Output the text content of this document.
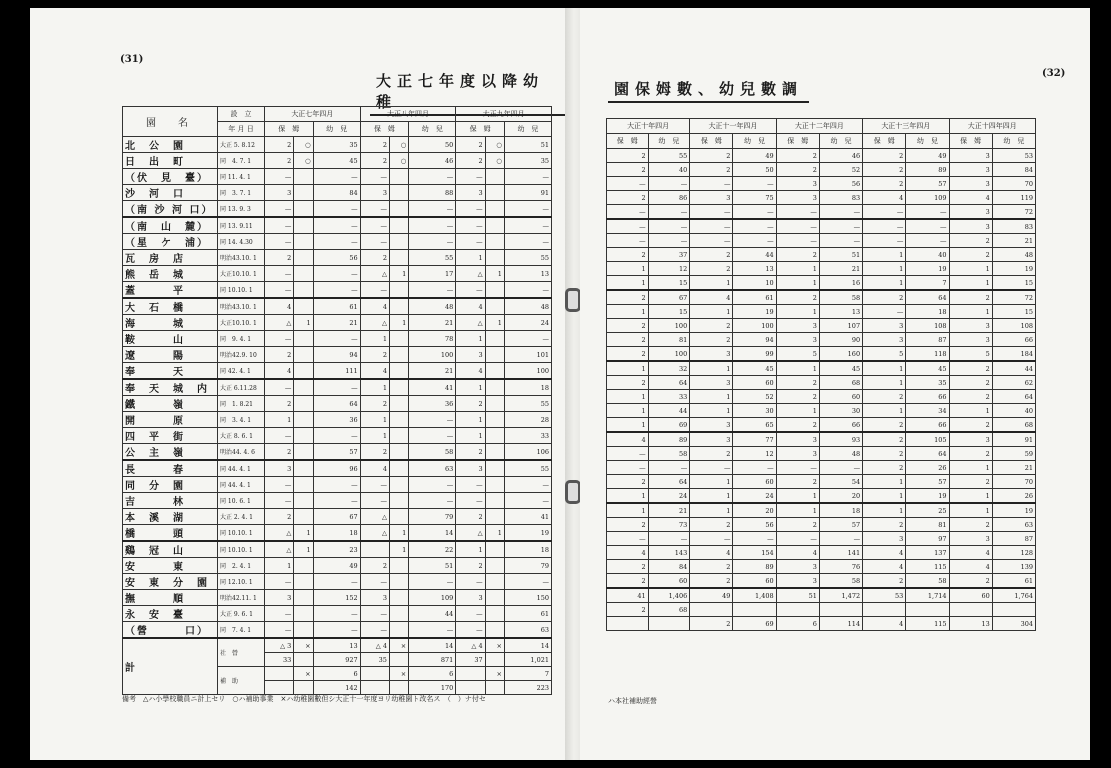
(31)
大正七年度以降幼稚
園　名	設　立	大正七年四月			大正八年四月			大正九年四月		
	年 月 日	保　姆		幼　兒	保　姆		幼　兒	保　姆		幼　兒
北　公　園	大正 5. 8.12	2	○	35	2	○	50	2	○	51
日　出　町	同　4. 7. 1	2	○	45	2	○	46	2	○	35
（伏　見　臺）	同 11. 4. 1	—		—	—		—	—		—
沙　河　口	同　3. 7. 1	3		84	3		88	3		91
（南 沙 河 口）	同 13. 9. 3	—		—	—		—	—		—
（南　山　麓）	同 13. 9.11	—		—	—		—	—		—
（星　ケ　浦）	同 14. 4.30	—		—	—		—	—		—
瓦　房　店	明治43.10. 1	2		56	2		55	1		55
熊　岳　城	大正10.10. 1	—		—	△	1	17	△	1	13
蓋　　　平	同 10.10. 1	—		—	—		—	—		—
大　石　橋	明治43.10. 1	4		61	4		48	4		48
海　　　城	大正10.10. 1	△	1	21	△	1	21	△	1	24
鞍　　　山	同　9. 4. 1	—		—	1		78	1		—
遼　　　陽	明治42.9. 10	2		94	2		100	3		101
奉　　　天	同 42. 4. 1	4		111	4		21	4		100
奉　天　城　内	大正 6.11.28	—		—	1		41	1		18
鐵　　　嶺	同　1. 8.21	2		64	2		36	2		55
開　　　原	同　3. 4. 1	1		36	1		—	1		28
四　平　街	大正 8. 6. 1	—		—	1		—	1		33
公　主　嶺	明治44. 4. 6	2		57	2		58	2		106
長　　　春	同 44. 4. 1	3		96	4		63	3		55
同　分　園	同 44. 4. 1	—		—	—		—	—		—
吉　　　林	同 10. 6. 1	—		—	—		—	—		—
本　溪　湖	大正 2. 4. 1	2		67	△		79	2		41
橋　　　頭	同 10.10. 1	△	1	18	△	1	14	△	1	19
鷄　冠　山	同 10.10. 1	△	1	23		1	22	1		18
安　　　東	同　2. 4. 1	1		49	2		51	2		79
安　東　分　園	同 12.10. 1	—		—	—		—	—		—
撫　　　順	明治42.11. 1	3		152	3		109	3		150
永　安　臺	大正 9. 6. 1	—		—	—		44	—		61
（營　　　口）	同　7. 4. 1	—		—	—		—	—		63
計	社　營	△ 3	×	13	△ 4	×	14	△ 4	×	14
		33		927	35		871	37		1,021
	補　助		×	6		×	6		×	7
				142			170			223
備考　△ハ小學校職員ニ計上セリ　○ハ補助事業　×ハ幼稚園數但シ大正十一年度ヨリ幼稚園ト改名ス　（　）ナ付セ
(32)
園保姆數、幼兒數調
大正十年四月		大正十一年四月		大正十二年四月		大正十三年四月		大正十四年四月	
保　姆	幼　兒	保　姆	幼　兒	保　姆	幼　兒	保　姆	幼　兒	保　姆	幼　兒
2	55	2	49	2	46	2	49	3	53
2	40	2	50	2	52	2	89	3	84
—	—	—	—	3	56	2	57	3	70
2	86	3	75	3	83	4	109	4	119
—	—	—	—	—	—	—	—	3	72
—	—	—	—	—	—	—	—	3	83
—	—	—	—	—	—	—	—	2	21
2	37	2	44	2	51	1	40	2	48
1	12	2	13	1	21	1	19	1	19
1	15	1	10	1	16	1	7	1	15
2	67	4	61	2	58	2	64	2	72
1	15	1	19	1	13	—	18	1	15
2	100	2	100	3	107	3	108	3	108
2	81	2	94	3	90	3	87	3	66
2	100	3	99	5	160	5	118	5	184
1	32	1	45	1	45	1	45	2	44
2	64	3	60	2	68	1	35	2	62
1	33	1	52	2	60	2	66	2	64
1	44	1	30	1	30	1	34	1	40
1	69	3	65	2	66	2	66	2	68
4	89	3	77	3	93	2	105	3	91
—	58	2	12	3	48	2	64	2	59
—	—	—	—	—	—	2	26	1	21
2	64	1	60	2	54	1	57	2	70
1	24	1	24	1	20	1	19	1	26
1	21	1	20	1	18	1	25	1	19
2	73	2	56	2	57	2	81	2	63
—	—	—	—	—	—	3	97	3	87
4	143	4	154	4	141	4	137	4	128
2	84	2	89	3	76	4	115	4	139
2	60	2	60	3	58	2	58	2	61
41	1,406	49	1,408	51	1,472	53	1,714	60	1,764
2	68								
		2	69	6	114	4	115	13	304
ハ本社補助經營
